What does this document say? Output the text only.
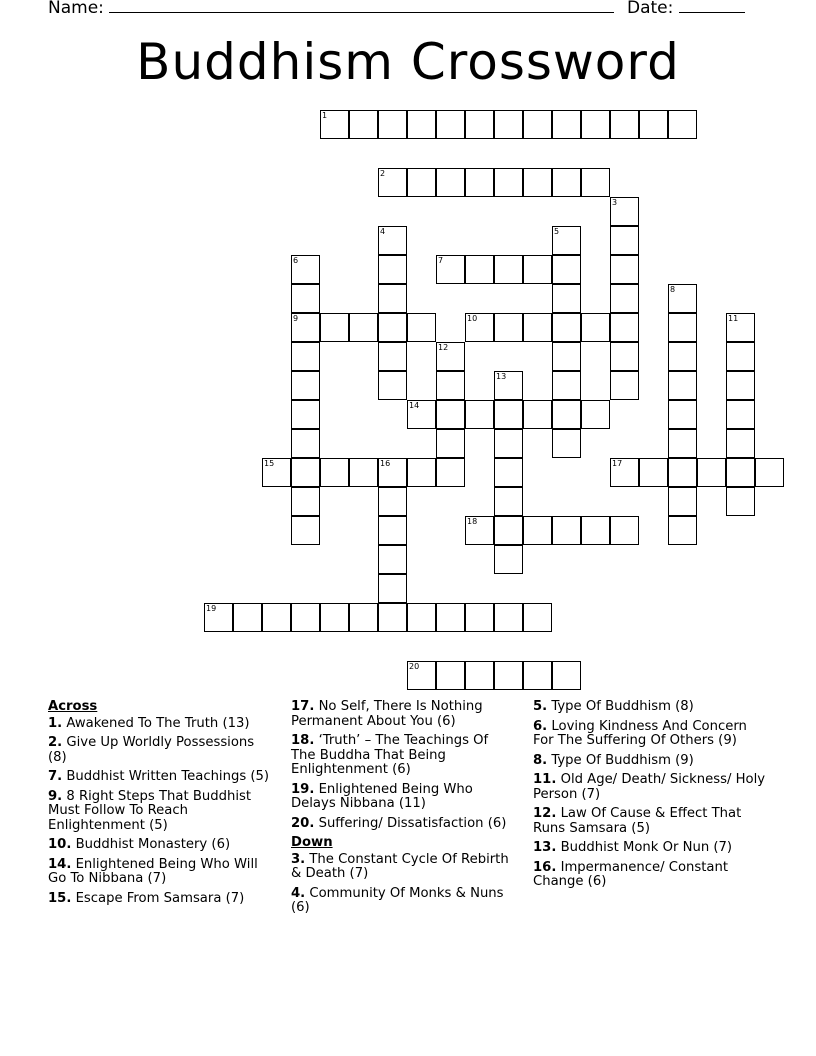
Name:	Date:
Buddhism Crossword
1
2
3
4	5
6	7
8
9	10	11
12
13
14
15	16	17
18
19
20
Across
1. Awakened To The Truth (13)
2. Give Up Worldly Possessions (8)
7. Buddhist Written Teachings (5)
9. 8 Right Steps That Buddhist Must Follow To Reach Enlightenment (5)
10. Buddhist Monastery (6)
14. Enlightened Being Who Will Go To Nibbana (7)
15. Escape From Samsara (7)
17. No Self, There Is Nothing Permanent About You (6)
18. ‘Truth’ – The Teachings Of The Buddha That Being Enlightenment (6)
19. Enlightened Being Who Delays Nibbana (11)
20. Suffering/ Dissatisfaction (6)
Down
3. The Constant Cycle Of Rebirth & Death (7)
4. Community Of Monks & Nuns (6)
5. Type Of Buddhism (8)
6. Loving Kindness And Concern For The Suffering Of Others (9)
8. Type Of Buddhism (9)
11. Old Age/ Death/ Sickness/ Holy Person (7)
12. Law Of Cause & Effect That Runs Samsara (5)
13. Buddhist Monk Or Nun (7)
16. Impermanence/ Constant Change (6)
